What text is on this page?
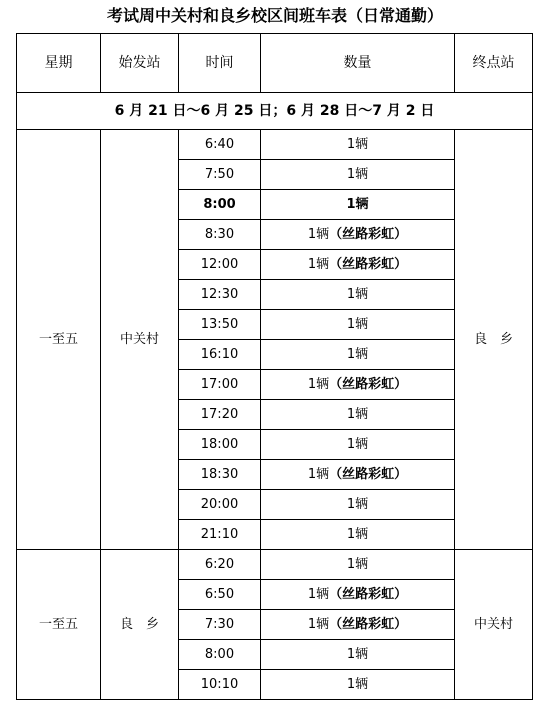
考试周中关村和良乡校区间班车表（日常通勤）
星期	始发站	时间	数量	终点站
6 月 21 日～6 月 25 日；6 月 28 日～7 月 2 日				
一至五	中关村	6:40	1辆	良　乡
		7:50	1辆	
		8:00	1辆	
		8:30	1辆（丝路彩虹）	
		12:00	1辆（丝路彩虹）	
		12:30	1辆	
		13:50	1辆	
		16:10	1辆	
		17:00	1辆（丝路彩虹）	
		17:20	1辆	
		18:00	1辆	
		18:30	1辆（丝路彩虹）	
		20:00	1辆	
		21:10	1辆	
一至五	良　乡	6:20	1辆	中关村
		6:50	1辆（丝路彩虹）	
		7:30	1辆（丝路彩虹）	
		8:00	1辆	
		10:10	1辆	
